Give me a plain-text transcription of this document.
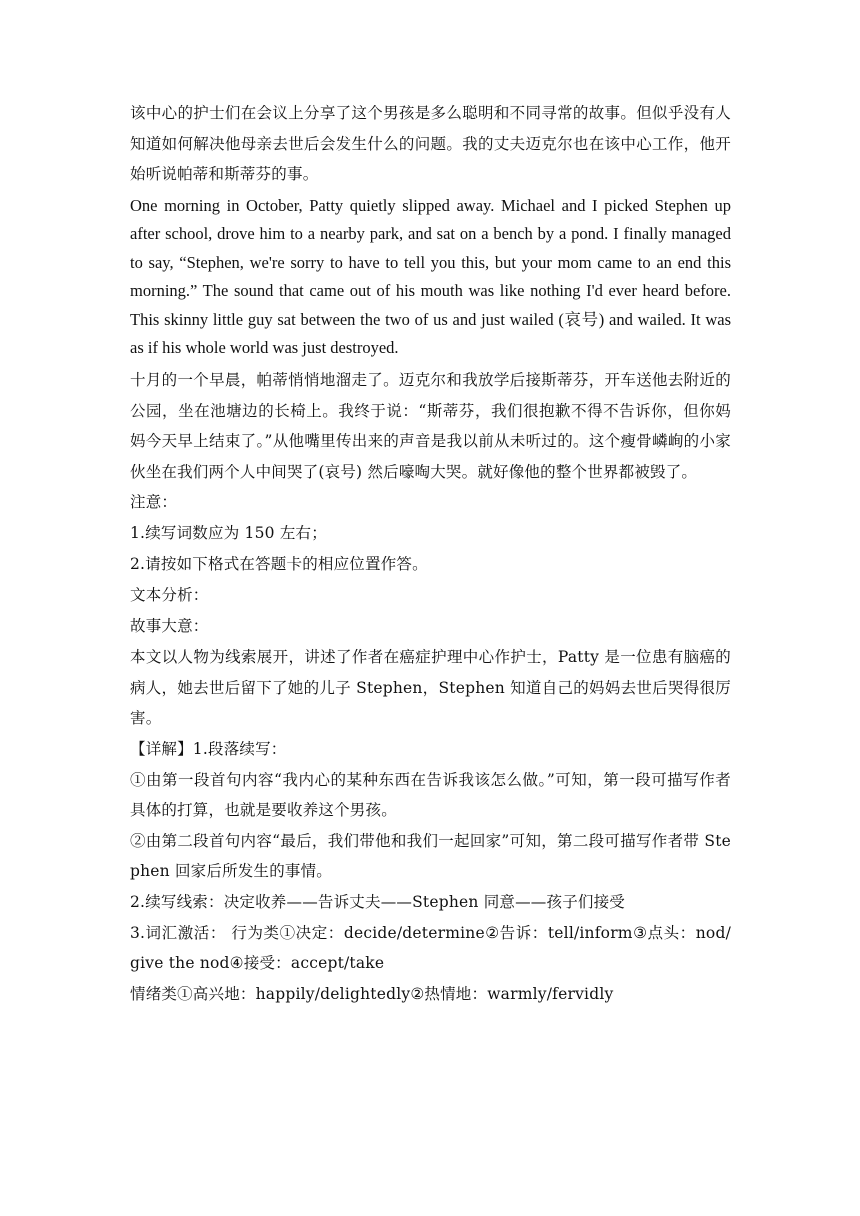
该中心的护士们在会议上分享了这个男孩是多么聪明和不同寻常的故事。但似乎没有人知道如何解决他母亲去世后会发生什么的问题。我的丈夫迈克尔也在该中心工作，他开始听说帕蒂和斯蒂芬的事。

One morning in October, Patty quietly slipped away. Michael and I picked Stephen up after school, drove him to a nearby park, and sat on a bench by a pond. I finally managed to say, “Stephen, we're sorry to have to tell you this, but your mom came to an end this morning.” The sound that came out of his mouth was like nothing I'd ever heard before. This skinny little guy sat between the two of us and just wailed (哀号) and wailed. It was as if his whole world was just destroyed.

十月的一个早晨，帕蒂悄悄地溜走了。迈克尔和我放学后接斯蒂芬，开车送他去附近的公园，坐在池塘边的长椅上。我终于说：“斯蒂芬，我们很抱歉不得不告诉你，但你妈妈今天早上结束了。”从他嘴里传出来的声音是我以前从未听过的。这个瘦骨嶙峋的小家伙坐在我们两个人中间哭了(哀号) 然后嚎啕大哭。就好像他的整个世界都被毁了。

注意：

1.续写词数应为 150 左右；

2.请按如下格式在答题卡的相应位置作答。

文本分析：

故事大意：

本文以人物为线索展开，讲述了作者在癌症护理中心作护士，Patty 是一位患有脑癌的病人，她去世后留下了她的儿子 Stephen，Stephen 知道自己的妈妈去世后哭得很厉害。

【详解】1.段落续写：

①由第一段首句内容“我内心的某种东西在告诉我该怎么做。”可知，第一段可描写作者具体的打算，也就是要收养这个男孩。

②由第二段首句内容“最后，我们带他和我们一起回家”可知，第二段可描写作者带 Stephen 回家后所发生的事情。

2.续写线索：决定收养——告诉丈夫——Stephen 同意——孩子们接受

3.词汇激活： 行为类①决定：decide/determine②告诉：tell/inform③点头：nod/give the nod④接受：accept/take

情绪类①高兴地：happily/delightedly②热情地：warmly/fervidly
